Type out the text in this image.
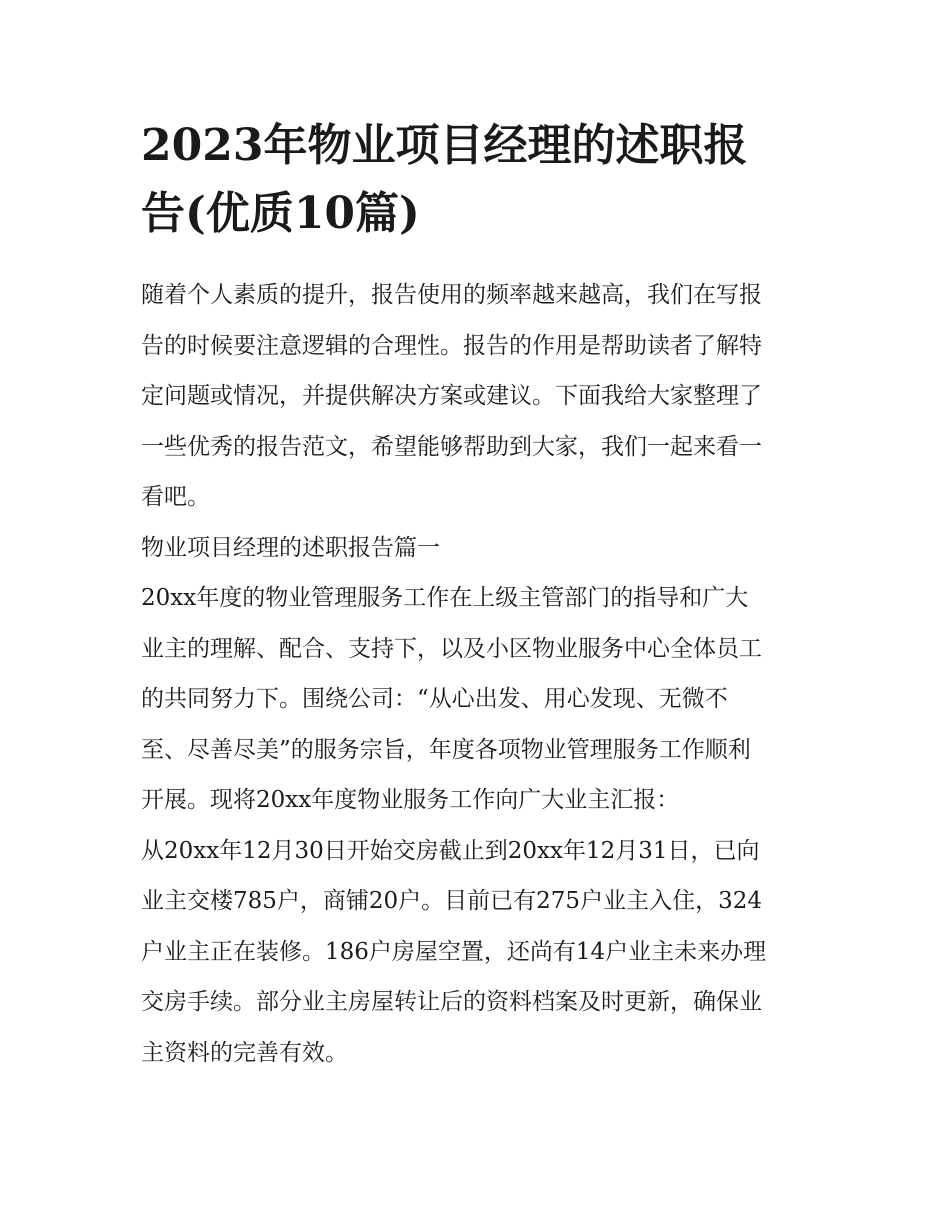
2023年物业项目经理的述职报
告(优质10篇)
随着个人素质的提升，报告使用的频率越来越高，我们在写报
告的时候要注意逻辑的合理性。报告的作用是帮助读者了解特
定问题或情况，并提供解决方案或建议。下面我给大家整理了
一些优秀的报告范文，希望能够帮助到大家，我们一起来看一
看吧。
物业项目经理的述职报告篇一
20xx年度的物业管理服务工作在上级主管部门的指导和广大
业主的理解、配合、支持下，以及小区物业服务中心全体员工
的共同努力下。围绕公司：“从心出发、用心发现、无微不
至、尽善尽美”的服务宗旨，年度各项物业管理服务工作顺利
开展。现将20xx年度物业服务工作向广大业主汇报：
从20xx年12月30日开始交房截止到20xx年12月31日，已向
业主交楼785户，商铺20户。目前已有275户业主入住，324
户业主正在装修。186户房屋空置，还尚有14户业主未来办理
交房手续。部分业主房屋转让后的资料档案及时更新，确保业
主资料的完善有效。
